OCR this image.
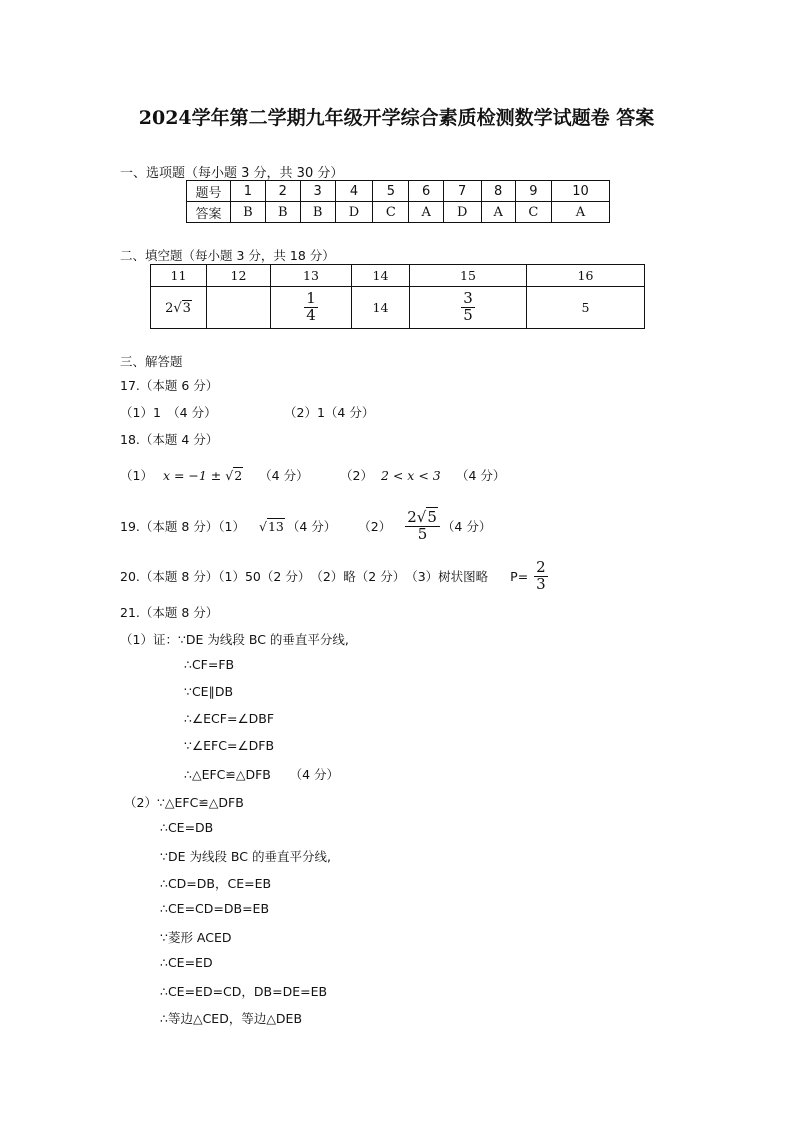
2024学年第二学期九年级开学综合素质检测数学试题卷 答案
一、选项题（每小题 3 分，共 30 分）
题号	1	2	3	4	5	6	7	8	9	10
答案	B	B	B	D	C	A	D	A	C	A
二、填空题（每小题 3 分，共 18 分）
11	12	13	14	15	16
2√3		$\frac{1}{4}$	14	$\frac{3}{5}$	5
三、解答题
17.（本题 6 分）
（1）1　（4 分）	（2）1（4 分）
18.（本题 4 分）
（1） x = −1 ± √2 （4 分）	（2） 2 < x < 3 （4 分）
19.（本题 8 分）（1） √13 （4 分） $(2) \frac{2√5}{5} (4$ 分）
20.（本题 8 分）（1）50（2 分）　（2）略（2 分）　（3）树状图略 $P= \frac{2}{3}$
21.（本题 8 分）
（1）证：∵DE 为线段 BC 的垂直平分线,
∴CF=FB
∵CE∥DB
∴∠ECF=∠DBF
∵∠EFC=∠DFB
∴△EFC≌△DFB　　（4 分）
（2）∵△EFC≌△DFB
∴CE=DB
∵DE 为线段 BC 的垂直平分线,
∴CD=DB，CE=EB
∴CE=CD=DB=EB
∵菱形 ACED
∴CE=ED
∴CE=ED=CD，DB=DE=EB
∴等边△CED，等边△DEB
